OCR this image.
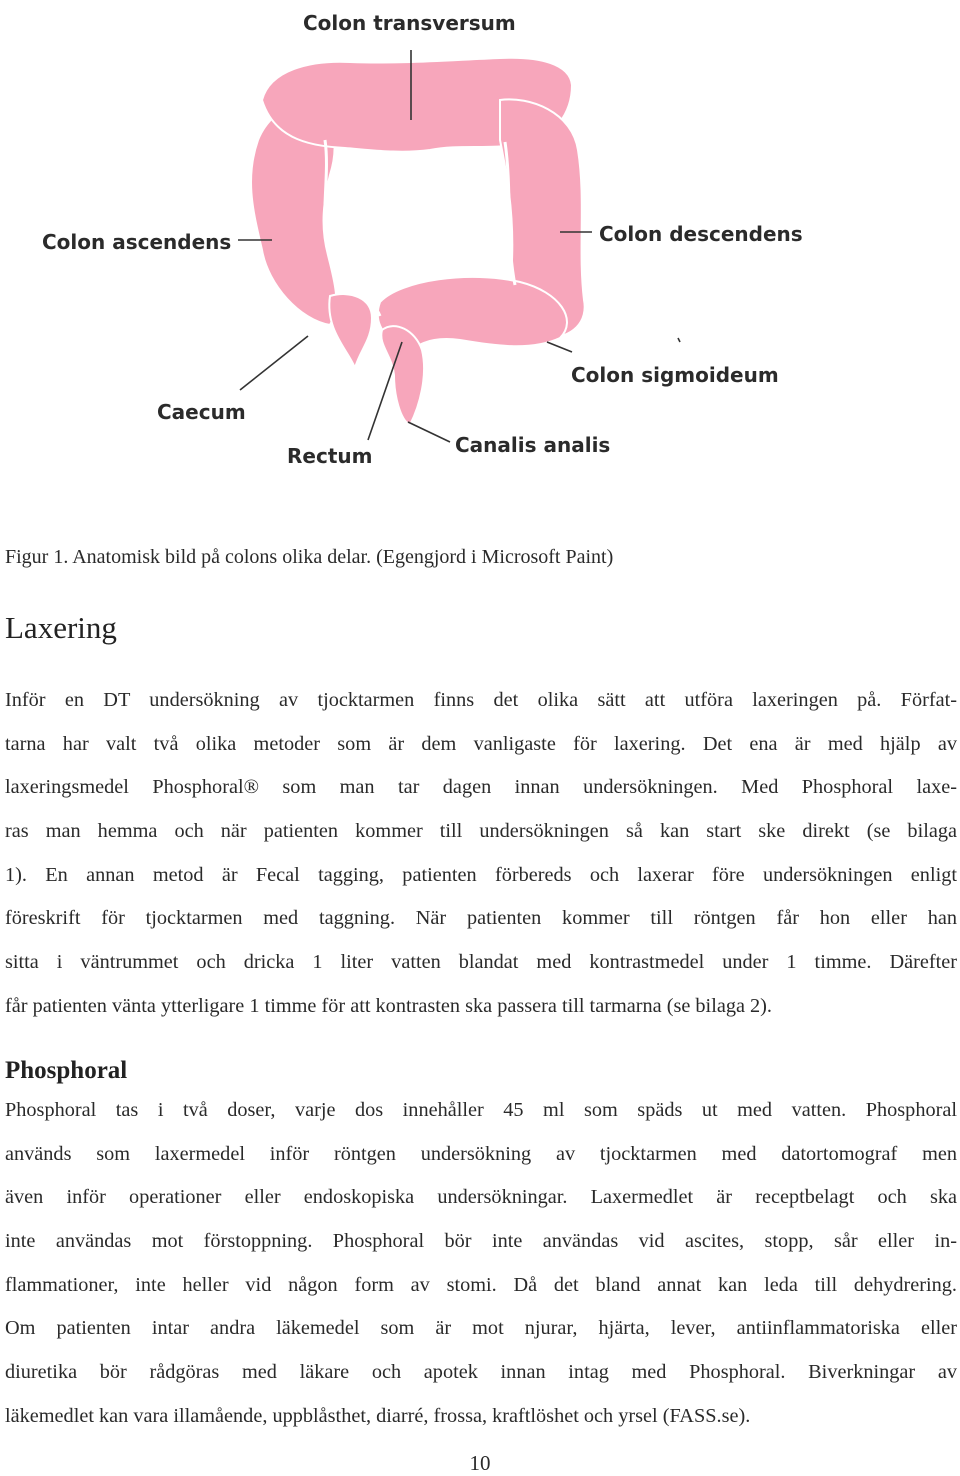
Colon transversum
Colon ascendens	Colon descendens
Colon sigmoideum
Caecum
Rectum	Canalis analis

Figur 1. Anatomisk bild på colons olika delar. (Egengjord i Microsoft Paint)

Laxering
Inför en DT undersökning av tjocktarmen finns det olika sätt att utföra laxeringen på. Förfat-
tarna har valt två olika metoder som är dem vanligaste för laxering. Det ena är med hjälp av
laxeringsmedel Phosphoral® som man tar dagen innan undersökningen. Med Phosphoral laxe-
ras man hemma och när patienten kommer till undersökningen så kan start ske direkt (se bilaga
1). En annan metod är Fecal tagging, patienten förbereds och laxerar före undersökningen enligt
föreskrift för tjocktarmen med taggning. När patienten kommer till röntgen får hon eller han
sitta i väntrummet och dricka 1 liter vatten blandat med kontrastmedel under 1 timme. Därefter
får patienten vänta ytterligare 1 timme för att kontrasten ska passera till tarmarna (se bilaga 2).
Phosphoral
Phosphoral tas i två doser, varje dos innehåller 45 ml som späds ut med vatten. Phosphoral
används som laxermedel inför röntgen undersökning av tjocktarmen med datortomograf men
även inför operationer eller endoskopiska undersökningar. Laxermedlet är receptbelagt och ska
inte användas mot förstoppning. Phosphoral bör inte användas vid ascites, stopp, sår eller in-
flammationer, inte heller vid någon form av stomi. Då det bland annat kan leda till dehydrering.
Om patienten intar andra läkemedel som är mot njurar, hjärta, lever, antiinflammatoriska eller
diuretika bör rådgöras med läkare och apotek innan intag med Phosphoral. Biverkningar av
läkemedlet kan vara illamående, uppblåsthet, diarré, frossa, kraftlöshet och yrsel (FASS.se).

10
